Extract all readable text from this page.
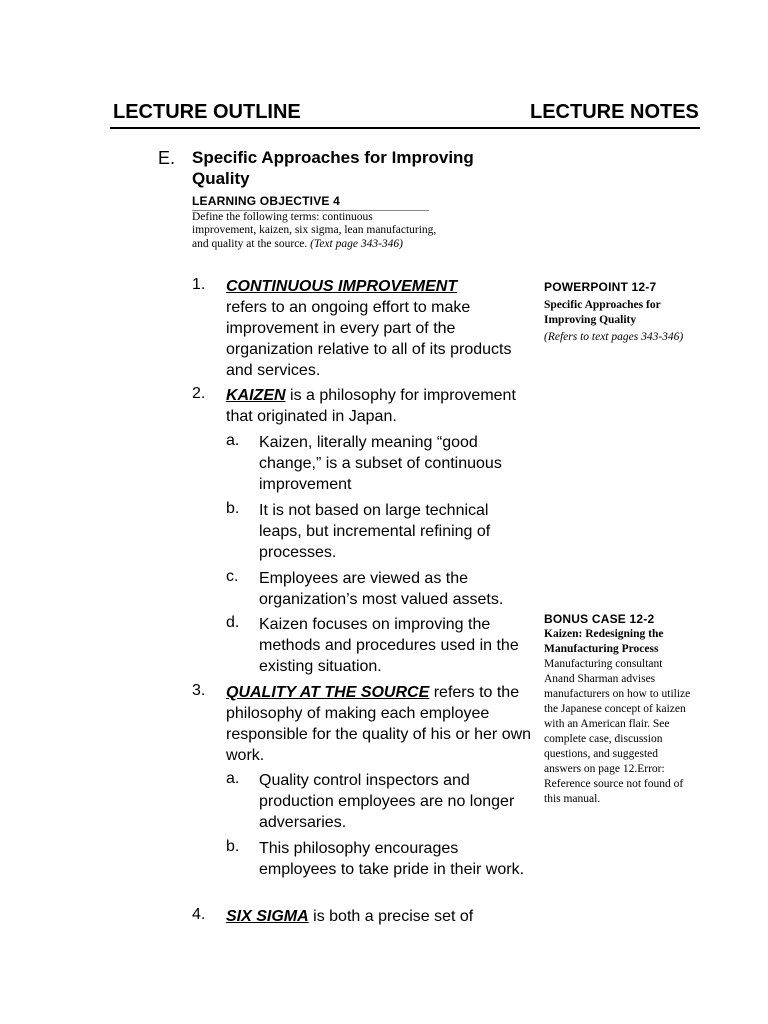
LECTURE OUTLINE	LECTURE NOTES
E. Specific Approaches for Improving Quality
LEARNING OBJECTIVE 4
Define the following terms: continuous improvement, kaizen, six sigma, lean manufacturing, and quality at the source. (Text page 343-346)
1. CONTINUOUS IMPROVEMENT
refers to an ongoing effort to make improvement in every part of the organization relative to all of its products and services.
2. KAIZEN is a philosophy for improvement that originated in Japan.
a. Kaizen, literally meaning “good change,” is a subset of continuous improvement
b. It is not based on large technical leaps, but incremental refining of processes.
c. Employees are viewed as the organization’s most valued assets.
d. Kaizen focuses on improving the methods and procedures used in the existing situation.
3. QUALITY AT THE SOURCE refers to the philosophy of making each employee responsible for the quality of his or her own work.
a. Quality control inspectors and production employees are no longer adversaries.
b. This philosophy encourages employees to take pride in their work.
4. SIX SIGMA is both a precise set of
POWERPOINT 12-7
Specific Approaches for Improving Quality
(Refers to text pages 343-346)
BONUS CASE 12-2
Kaizen: Redesigning the Manufacturing Process
Manufacturing consultant Anand Sharman advises manufacturers on how to utilize the Japanese concept of kaizen with an American flair. See complete case, discussion questions, and suggested answers on page 12.Error: Reference source not found of this manual.
